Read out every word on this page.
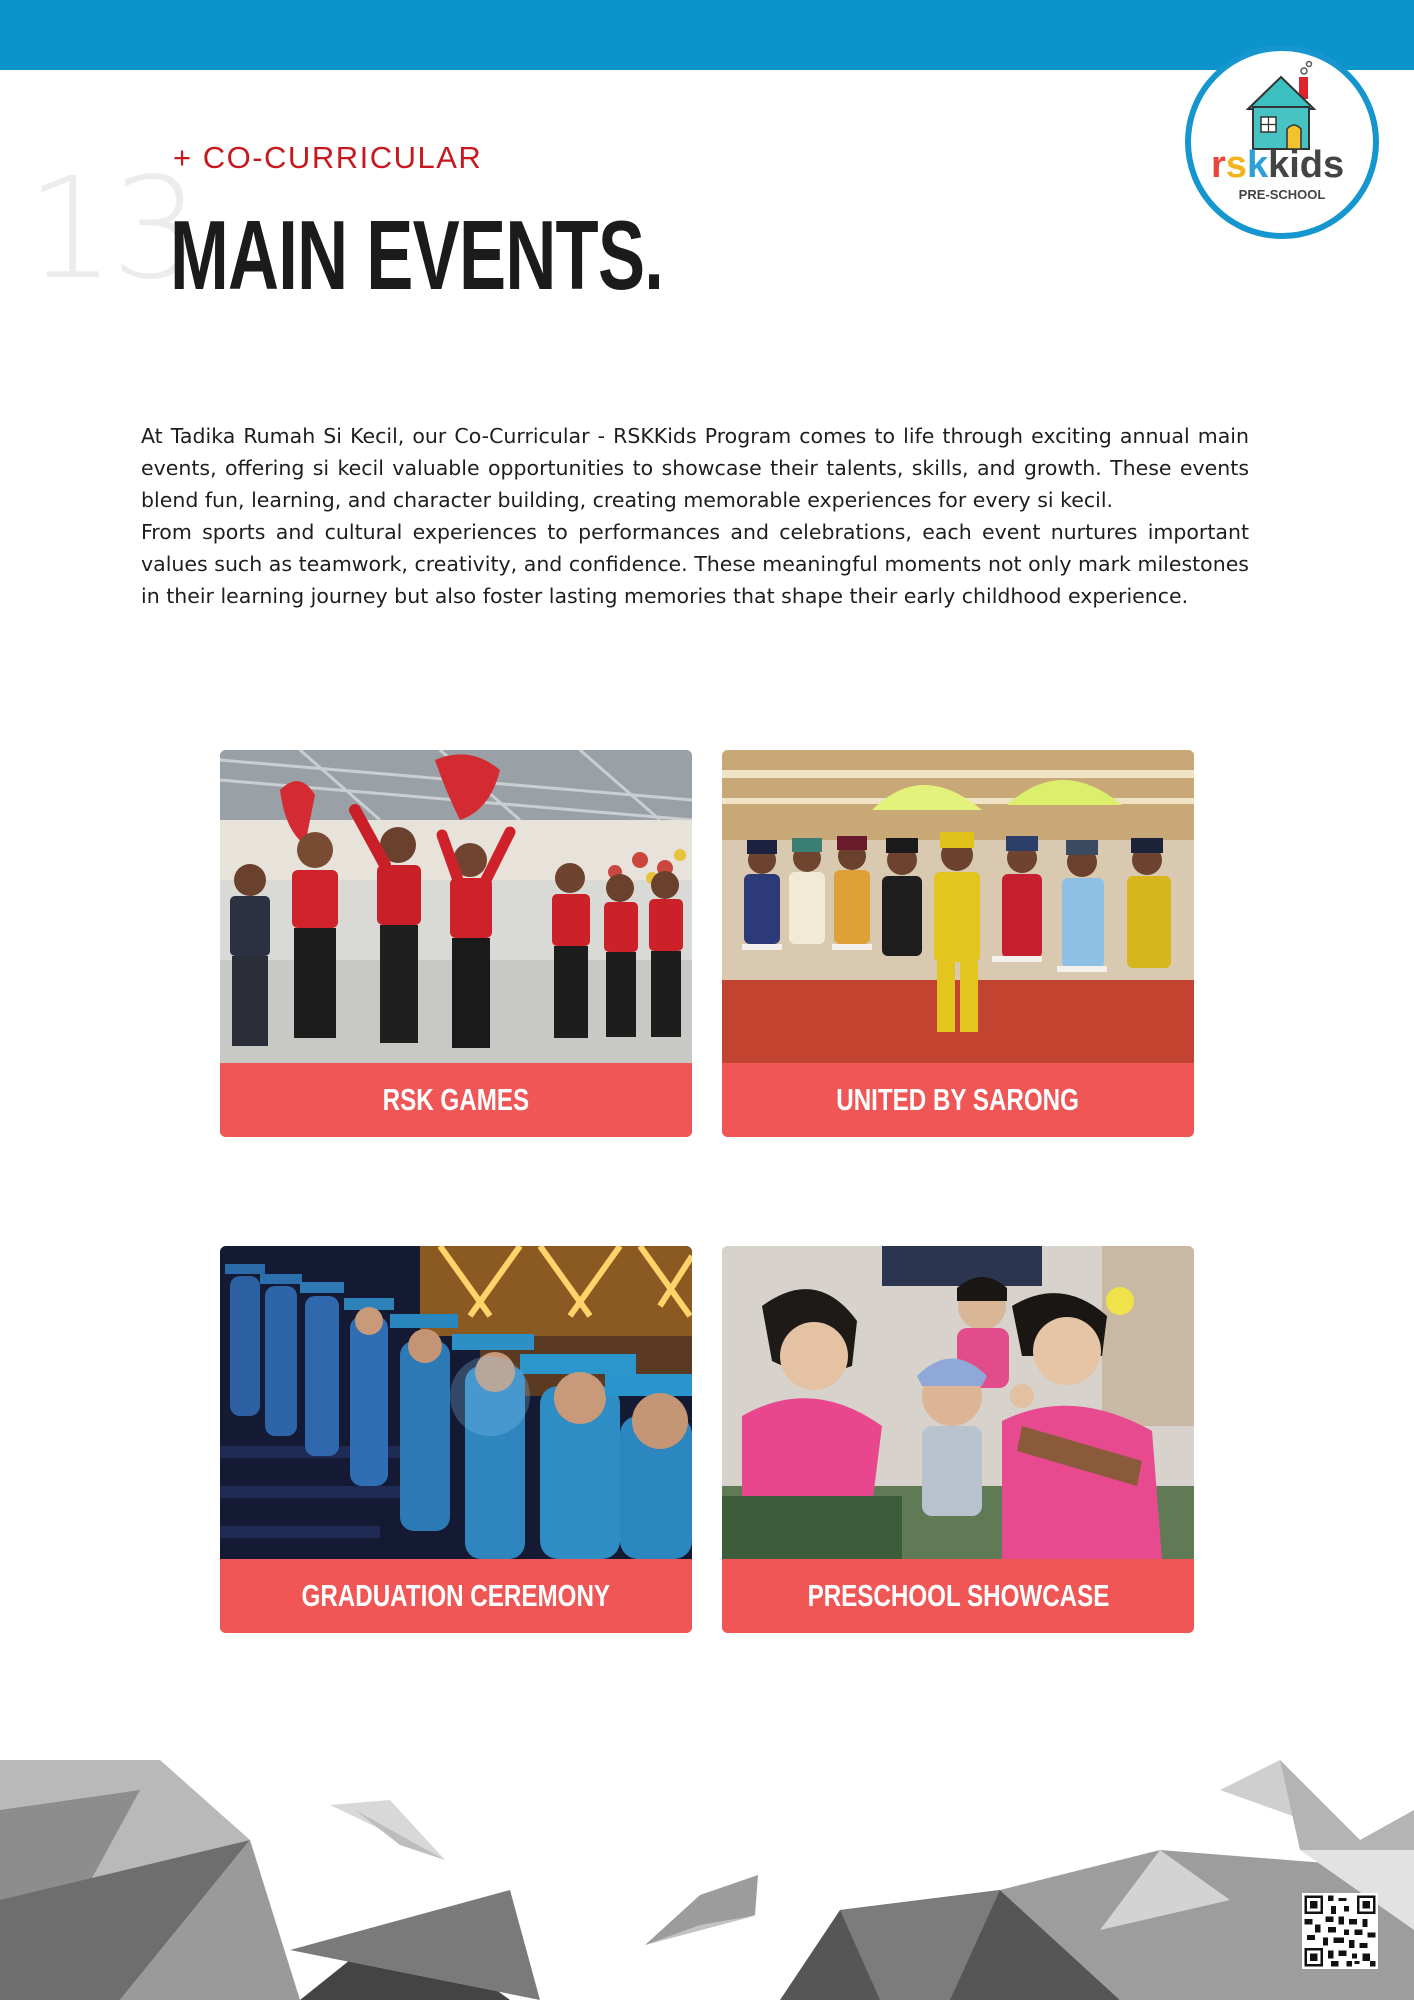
rskkids
PRE-SCHOOL
13
+ CO-CURRICULAR
MAIN EVENTS.

At Tadika Rumah Si Kecil, our Co-Curricular - RSKKids Program comes to life through exciting annual main events, offering si kecil valuable opportunities to showcase their talents, skills, and growth. These events blend fun, learning, and character building, creating memorable experiences for every si kecil.

From sports and cultural experiences to performances and celebrations, each event nurtures important values such as teamwork, creativity, and confidence. These meaningful moments not only mark milestones in their learning journey but also foster lasting memories that shape their early childhood experience.

RSK GAMES	UNITED BY SARONG
GRADUATION CEREMONY	PRESCHOOL SHOWCASE
